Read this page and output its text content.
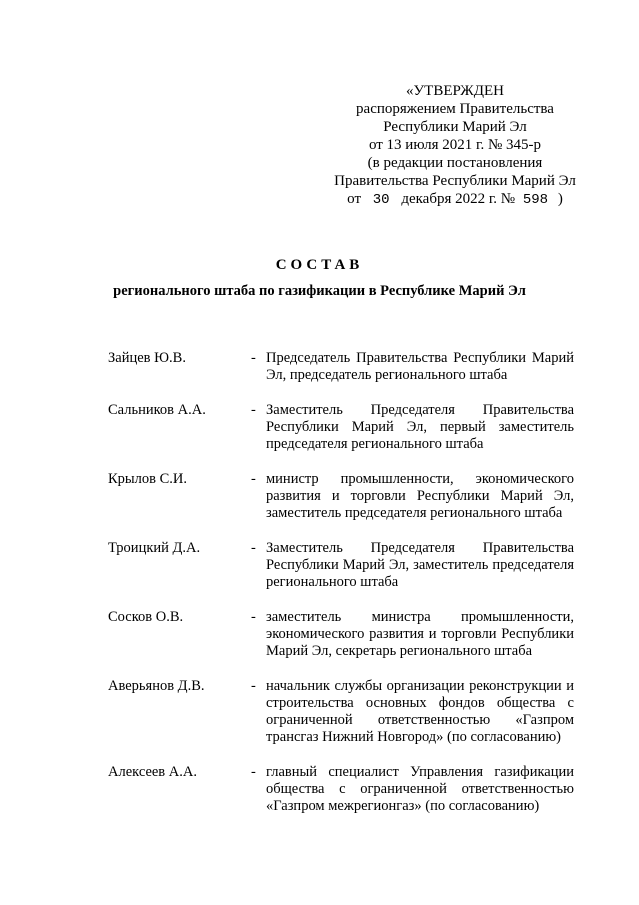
«УТВЕРЖДЕН
распоряжением Правительства
Республики Марий Эл
от 13 июля 2021 г. № 345-р
(в редакции постановления
Правительства Республики Марий Эл
от 30 декабря 2022 г. № 598 )
СОСТАВ
регионального штаба по газификации в Республике Марий Эл
Зайцев Ю.В.	- Председатель Правительства Республики Марий Эл, председатель регионального штаба
Сальников А.А.	- Заместитель Председателя Правительства Республики Марий Эл, первый заместитель председателя регионального штаба
Крылов С.И.	- министр промышленности, экономического развития и торговли Республики Марий Эл, заместитель председателя регионального штаба
Троицкий Д.А.	- Заместитель Председателя Правительства Республики Марий Эл, заместитель председателя регионального штаба
Сосков О.В.	- заместитель министра промышленности, экономического развития и торговли Республики Марий Эл, секретарь регионального штаба
Аверьянов Д.В.	- начальник службы организации реконструкции и строительства основных фондов общества с ограниченной ответственностью «Газпром трансгаз Нижний Новгород» (по согласованию)
Алексеев А.А.	- главный специалист Управления газификации общества с ограниченной ответственностью «Газпром межрегионгаз» (по согласованию)
